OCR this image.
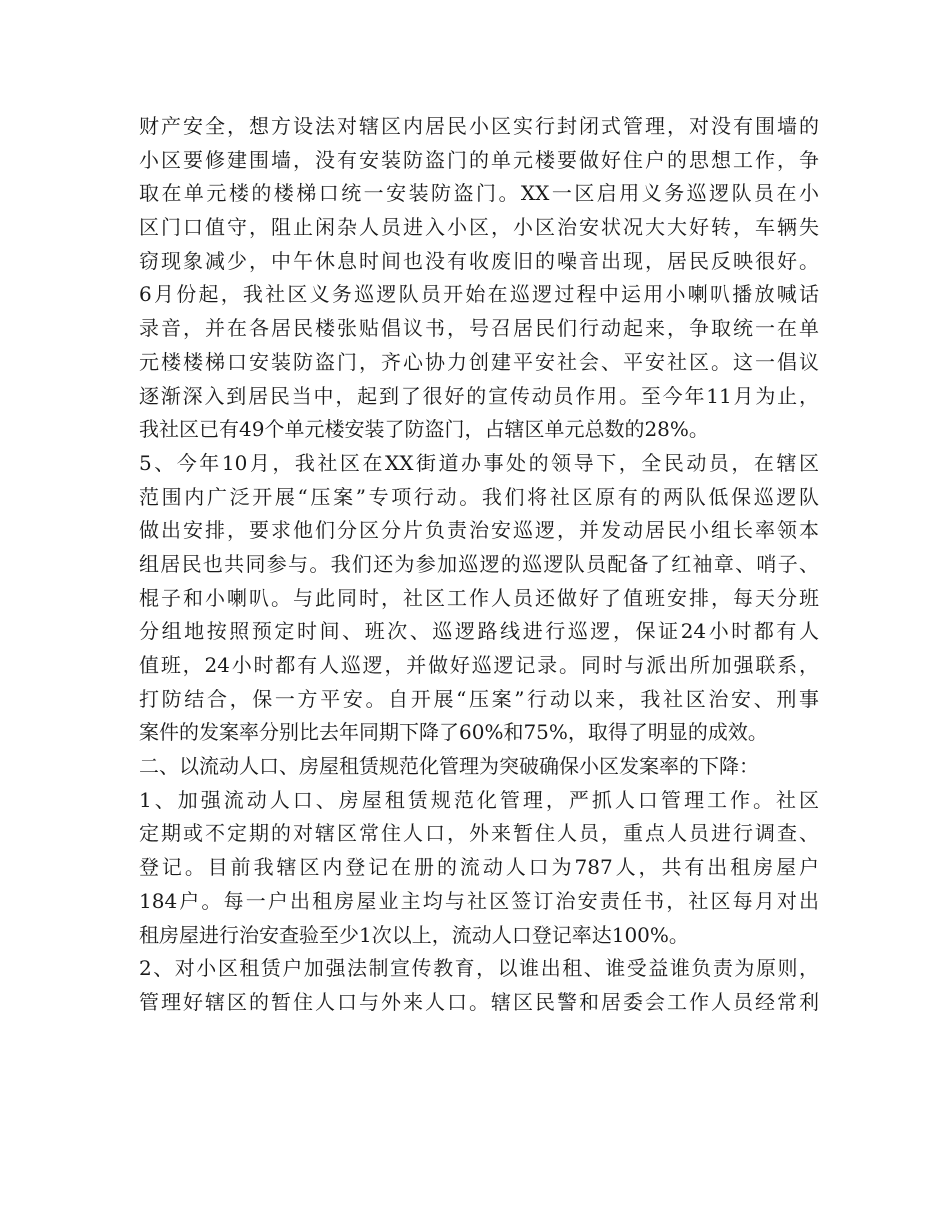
财产安全，想方设法对辖区内居民小区实行封闭式管理，对没有围墙的
小区要修建围墙，没有安装防盗门的单元楼要做好住户的思想工作，争
取在单元楼的楼梯口统一安装防盗门。XX一区启用义务巡逻队员在小
区门口值守，阻止闲杂人员进入小区，小区治安状况大大好转，车辆失
窃现象减少，中午休息时间也没有收废旧的噪音出现，居民反映很好。
6月份起，我社区义务巡逻队员开始在巡逻过程中运用小喇叭播放喊话
录音，并在各居民楼张贴倡议书，号召居民们行动起来，争取统一在单
元楼楼梯口安装防盗门，齐心协力创建平安社会、平安社区。这一倡议
逐渐深入到居民当中，起到了很好的宣传动员作用。至今年11月为止，
我社区已有49个单元楼安装了防盗门，占辖区单元总数的28%。
5、今年10月，我社区在XX街道办事处的领导下，全民动员，在辖区
范围内广泛开展“压案”专项行动。我们将社区原有的两队低保巡逻队
做出安排，要求他们分区分片负责治安巡逻，并发动居民小组长率领本
组居民也共同参与。我们还为参加巡逻的巡逻队员配备了红袖章、哨子、
棍子和小喇叭。与此同时，社区工作人员还做好了值班安排，每天分班
分组地按照预定时间、班次、巡逻路线进行巡逻，保证24小时都有人
值班，24小时都有人巡逻，并做好巡逻记录。同时与派出所加强联系，
打防结合，保一方平安。自开展“压案”行动以来，我社区治安、刑事
案件的发案率分别比去年同期下降了60%和75%，取得了明显的成效。
二、以流动人口、房屋租赁规范化管理为突破确保小区发案率的下降：
1、加强流动人口、房屋租赁规范化管理，严抓人口管理工作。社区
定期或不定期的对辖区常住人口，外来暂住人员，重点人员进行调查、
登记。目前我辖区内登记在册的流动人口为787人，共有出租房屋户
184户。每一户出租房屋业主均与社区签订治安责任书，社区每月对出
租房屋进行治安查验至少1次以上，流动人口登记率达100%。
2、对小区租赁户加强法制宣传教育，以谁出租、谁受益谁负责为原则，
管理好辖区的暂住人口与外来人口。辖区民警和居委会工作人员经常利
